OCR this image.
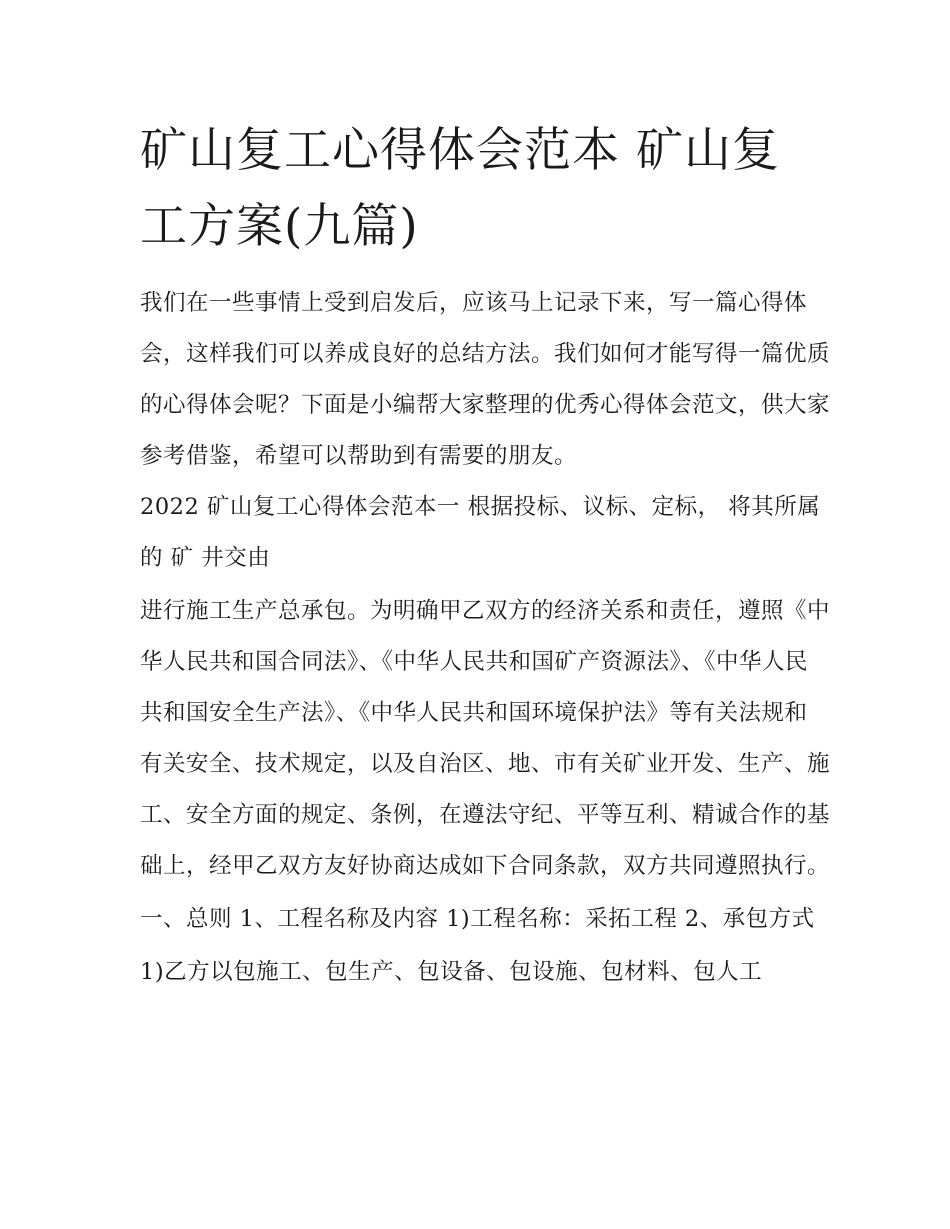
矿山复工心得体会范本 矿山复工方案(九篇)

我们在一些事情上受到启发后，应该马上记录下来，写一篇心得体会，这样我们可以养成良好的总结方法。我们如何才能写得一篇优质的心得体会呢？下面是小编帮大家整理的优秀心得体会范文，供大家参考借鉴，希望可以帮助到有需要的朋友。

2022 矿山复工心得体会范本一 根据投标、议标、定标， 将其所属的 矿 井交由

进行施工生产总承包。为明确甲乙双方的经济关系和责任，遵照《中华人民共和国合同法》、《中华人民共和国矿产资源法》、《中华人民共和国安全生产法》、《中华人民共和国环境保护法》等有关法规和有关安全、技术规定，以及自治区、地、市有关矿业开发、生产、施工、安全方面的规定、条例，在遵法守纪、平等互利、精诚合作的基础上，经甲乙双方友好协商达成如下合同条款，双方共同遵照执行。

一、总则 1、工程名称及内容 1)工程名称：采拓工程 2、承包方式

1)乙方以包施工、包生产、包设备、包设施、包材料、包人工
